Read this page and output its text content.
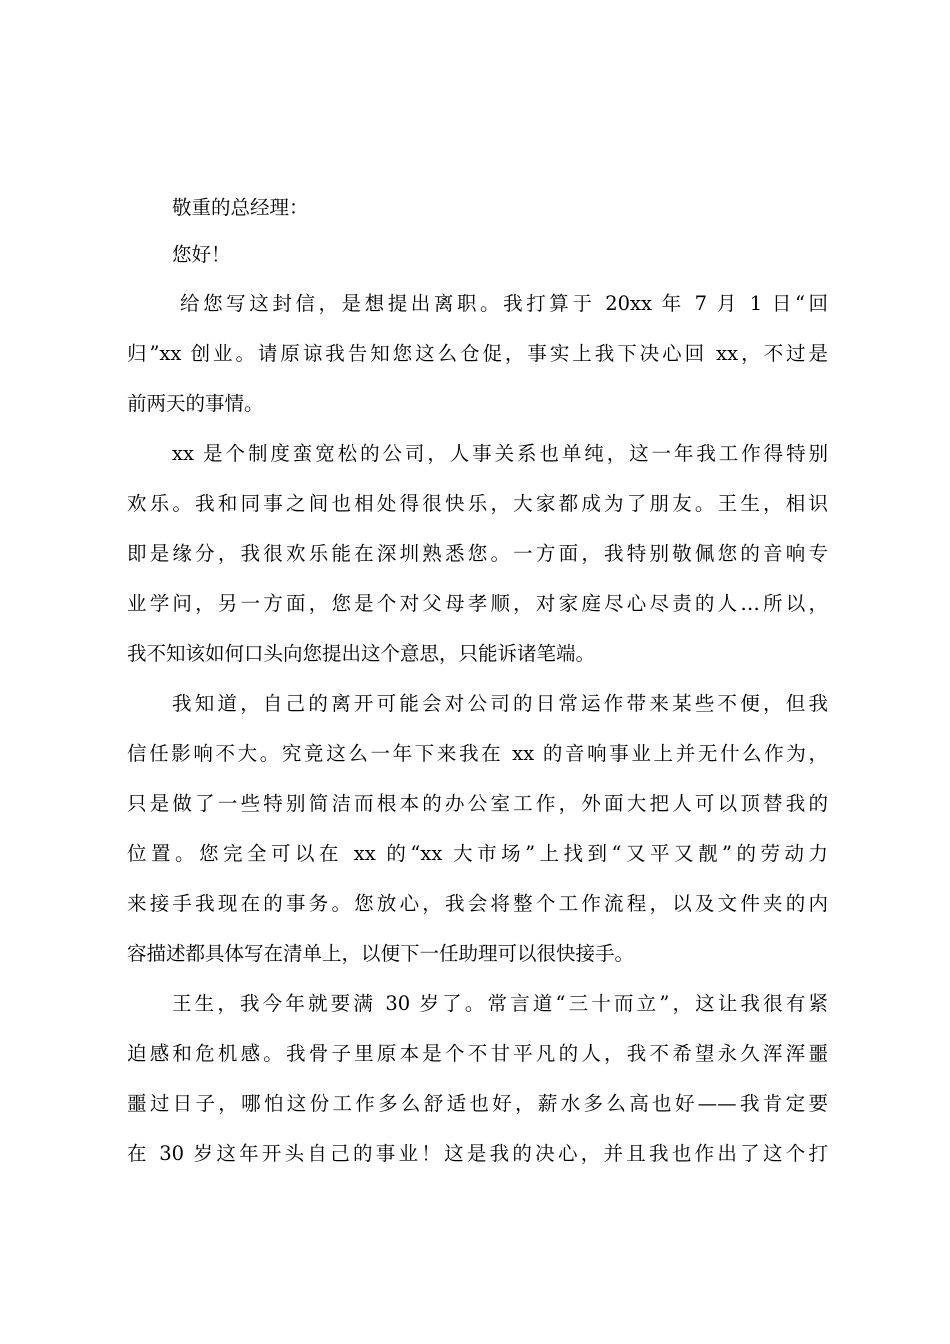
敬重的总经理：
您好！
给您写这封信，是想提出离职。我打算于 20xx 年 7 月 1 日“回
归”xx 创业。请原谅我告知您这么仓促，事实上我下决心回 xx，不过是
前两天的事情。
xx 是个制度蛮宽松的公司，人事关系也单纯，这一年我工作得特别
欢乐。我和同事之间也相处得很快乐，大家都成为了朋友。王生，相识
即是缘分，我很欢乐能在深圳熟悉您。一方面，我特别敬佩您的音响专
业学问，另一方面，您是个对父母孝顺，对家庭尽心尽责的人…所以，
我不知该如何口头向您提出这个意思，只能诉诸笔端。
我知道，自己的离开可能会对公司的日常运作带来某些不便，但我
信任影响不大。究竟这么一年下来我在 xx 的音响事业上并无什么作为，
只是做了一些特别简洁而根本的办公室工作，外面大把人可以顶替我的
位置。您完全可以在 xx 的“xx 大市场”上找到“又平又靓”的劳动力
来接手我现在的事务。您放心，我会将整个工作流程，以及文件夹的内
容描述都具体写在清单上，以便下一任助理可以很快接手。
王生，我今年就要满 30 岁了。常言道“三十而立”，这让我很有紧
迫感和危机感。我骨子里原本是个不甘平凡的人，我不希望永久浑浑噩
噩过日子，哪怕这份工作多么舒适也好，薪水多么高也好——我肯定要
在 30 岁这年开头自己的事业！这是我的决心，并且我也作出了这个打
